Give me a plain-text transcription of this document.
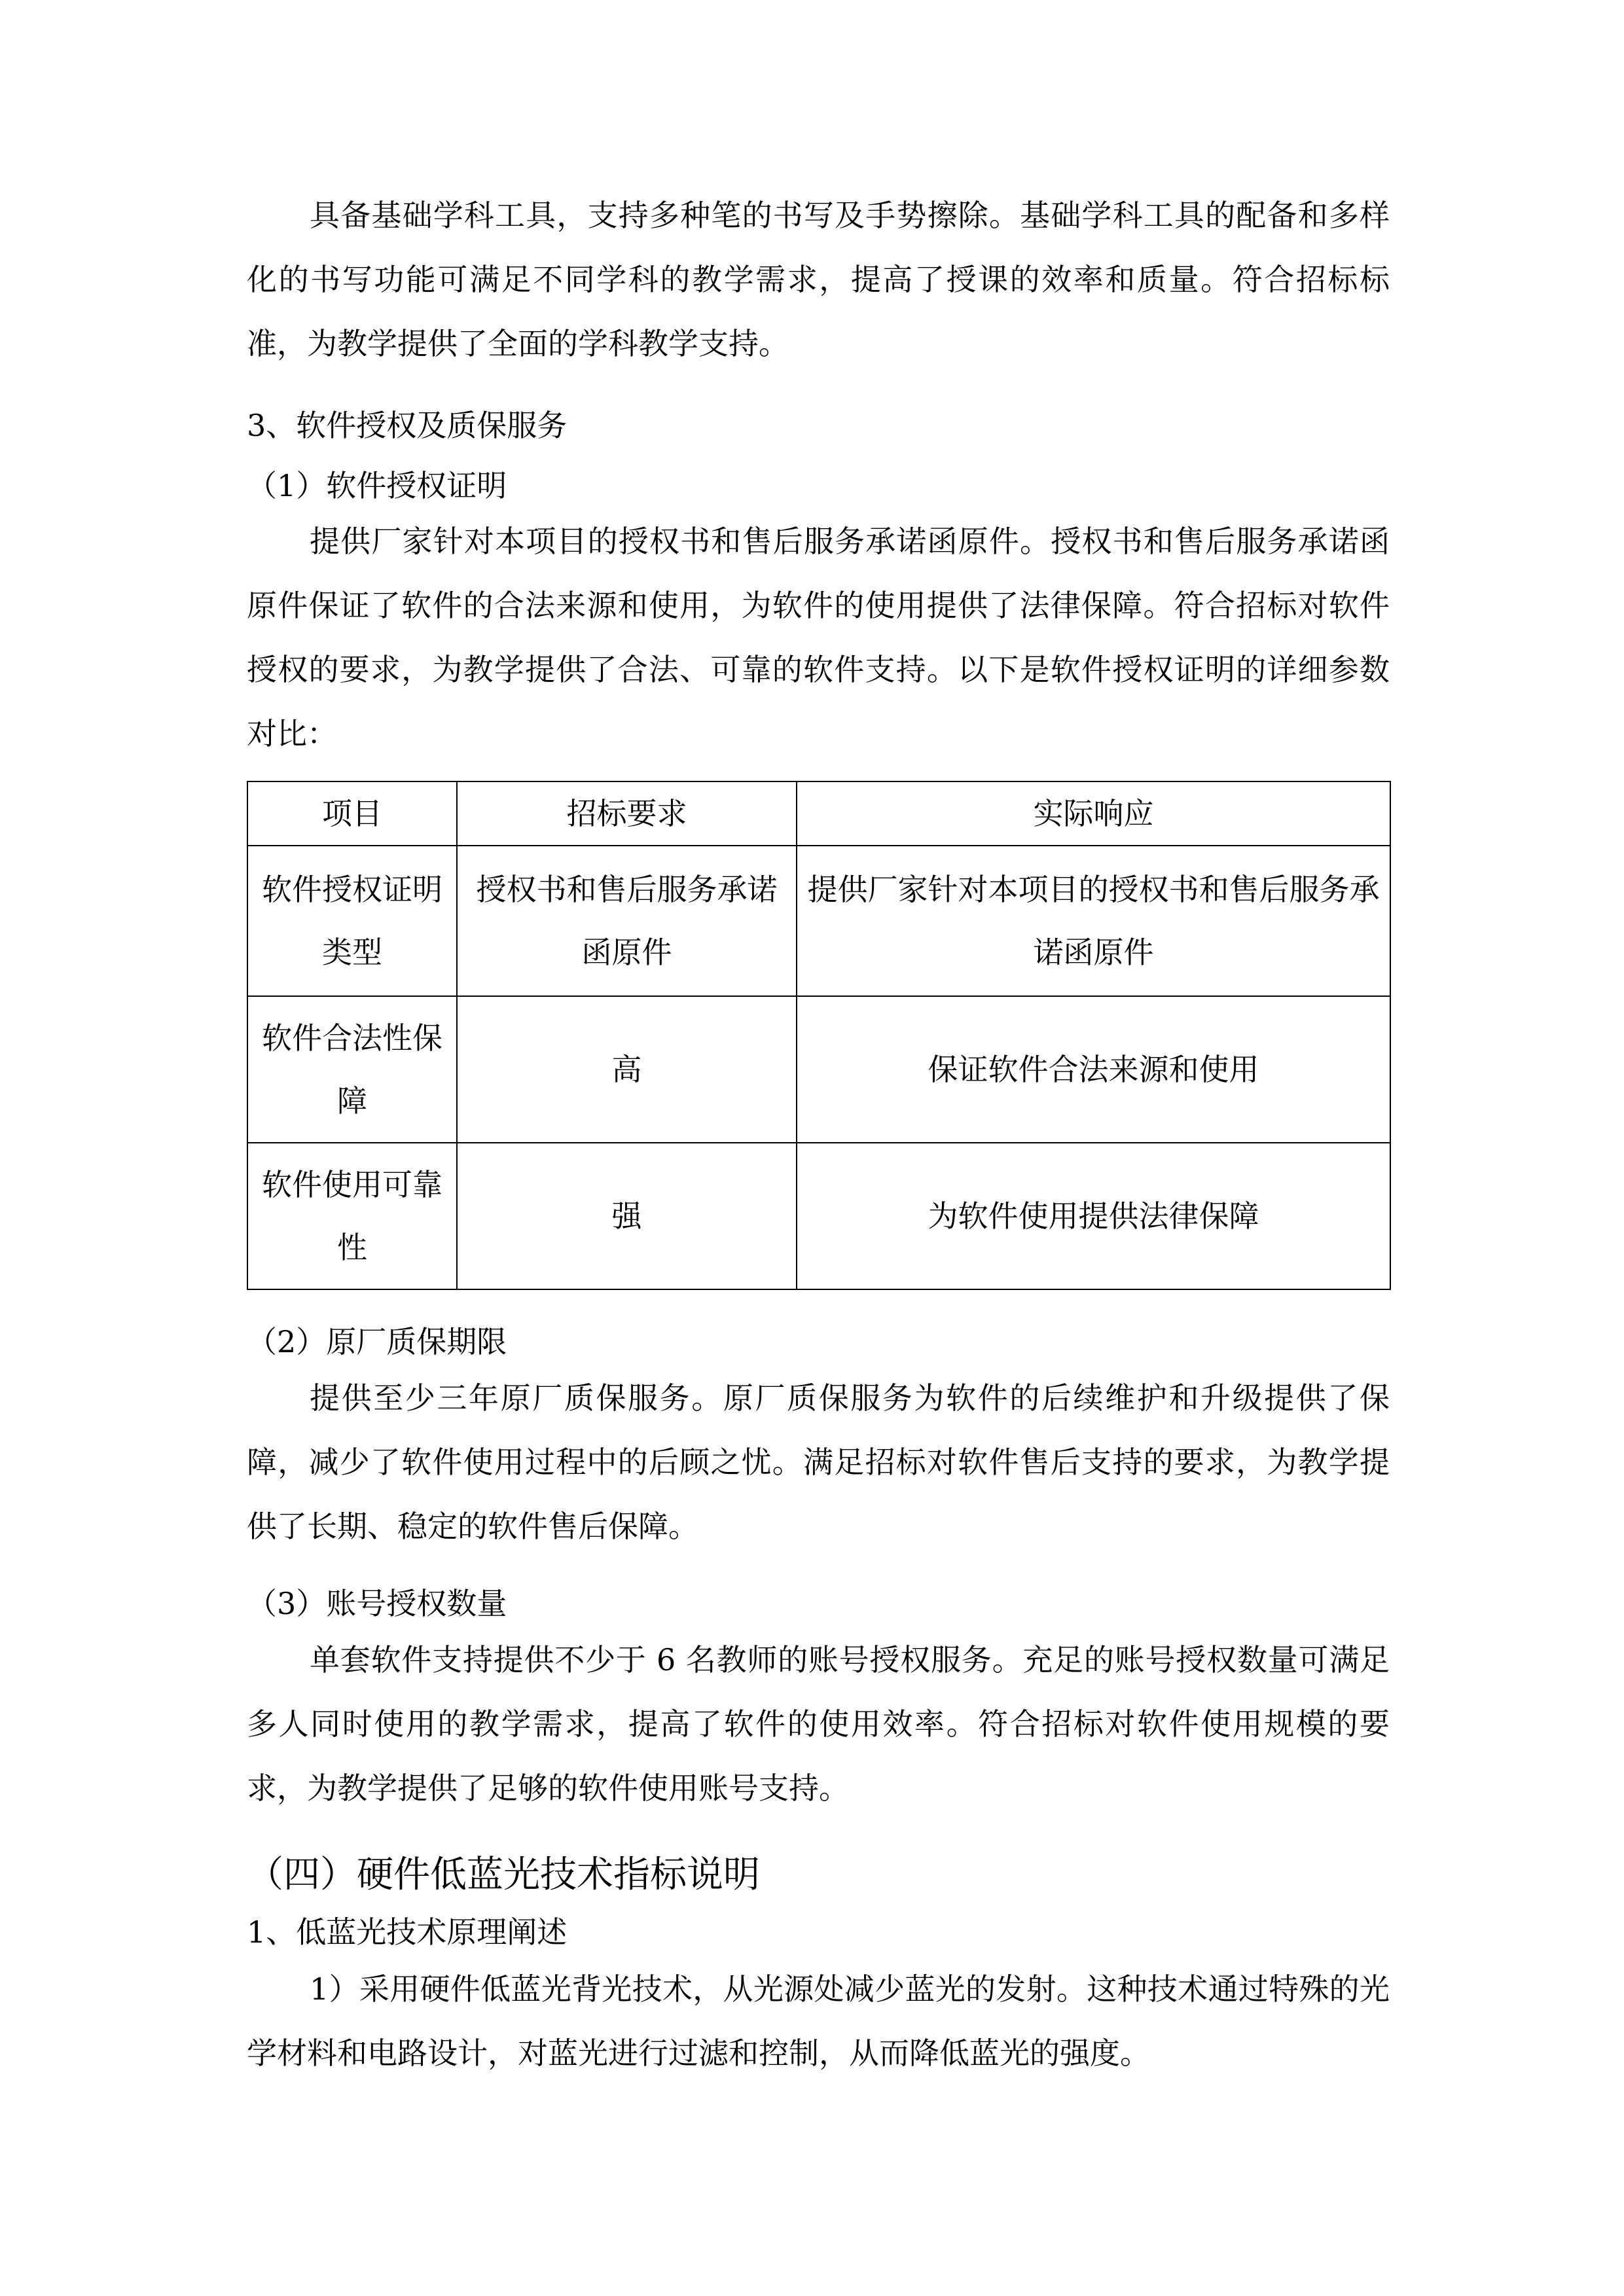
具备基础学科工具，支持多种笔的书写及手势擦除。基础学科工具的配备和多样化的书写功能可满足不同学科的教学需求，提高了授课的效率和质量。符合招标标准，为教学提供了全面的学科教学支持。

3、软件授权及质保服务
（1）软件授权证明

提供厂家针对本项目的授权书和售后服务承诺函原件。授权书和售后服务承诺函原件保证了软件的合法来源和使用，为软件的使用提供了法律保障。符合招标对软件授权的要求，为教学提供了合法、可靠的软件支持。以下是软件授权证明的详细参数对比：

项目	招标要求	实际响应
软件授权证明类型	授权书和售后服务承诺函原件	提供厂家针对本项目的授权书和售后服务承诺函原件
软件合法性保障	高	保证软件合法来源和使用
软件使用可靠性	强	为软件使用提供法律保障
（2）原厂质保期限

提供至少三年原厂质保服务。原厂质保服务为软件的后续维护和升级提供了保障，减少了软件使用过程中的后顾之忧。满足招标对软件售后支持的要求，为教学提供了长期、稳定的软件售后保障。

（3）账号授权数量

单套软件支持提供不少于 6 名教师的账号授权服务。充足的账号授权数量可满足多人同时使用的教学需求，提高了软件的使用效率。符合招标对软件使用规模的要求，为教学提供了足够的软件使用账号支持。

（四）硬件低蓝光技术指标说明
1、低蓝光技术原理阐述

1）采用硬件低蓝光背光技术，从光源处减少蓝光的发射。这种技术通过特殊的光学材料和电路设计，对蓝光进行过滤和控制，从而降低蓝光的强度。
